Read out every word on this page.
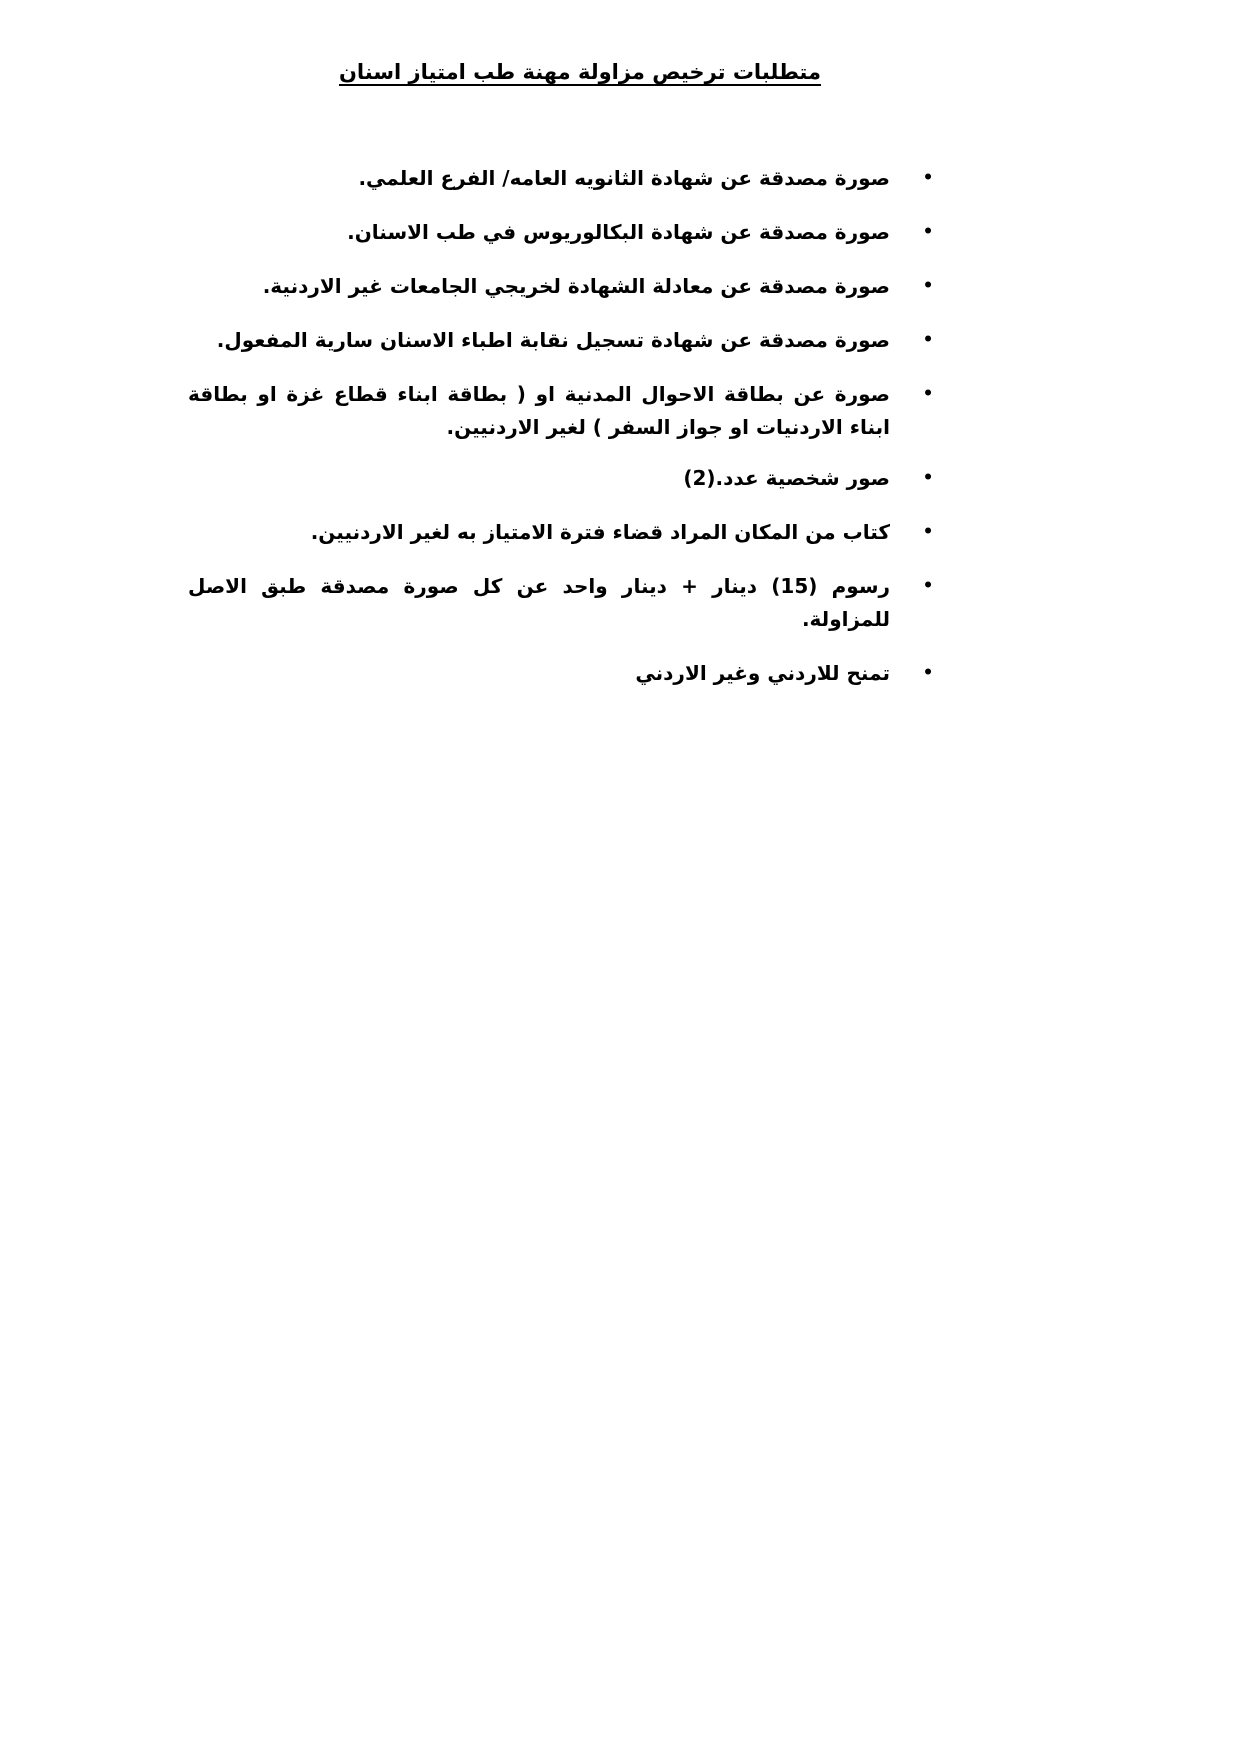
متطلبات ترخيص مزاولة مهنة طب امتياز اسنان
•
صورة مصدقة عن شهادة الثانويه العامه/ الفرع العلمي.
•
صورة مصدقة عن شهادة البكالوريوس في طب الاسنان.
•
صورة مصدقة عن معادلة الشهادة لخريجي الجامعات غير الاردنية.
•
صورة مصدقة عن شهادة تسجيل نقابة اطباء الاسنان سارية المفعول.
•
صورة عن بطاقة الاحوال المدنية او ( بطاقة ابناء قطاع غزة او بطاقة ابناء الاردنيات او جواز السفر ) لغير الاردنيين.
•
صور شخصية عدد.(2)
•
كتاب من المكان المراد قضاء فترة الامتياز به لغير الاردنيين.
•
رسوم (15) دينار + دينار واحد عن كل صورة مصدقة طبق الاصل للمزاولة.
•
تمنح للاردني وغير الاردني
